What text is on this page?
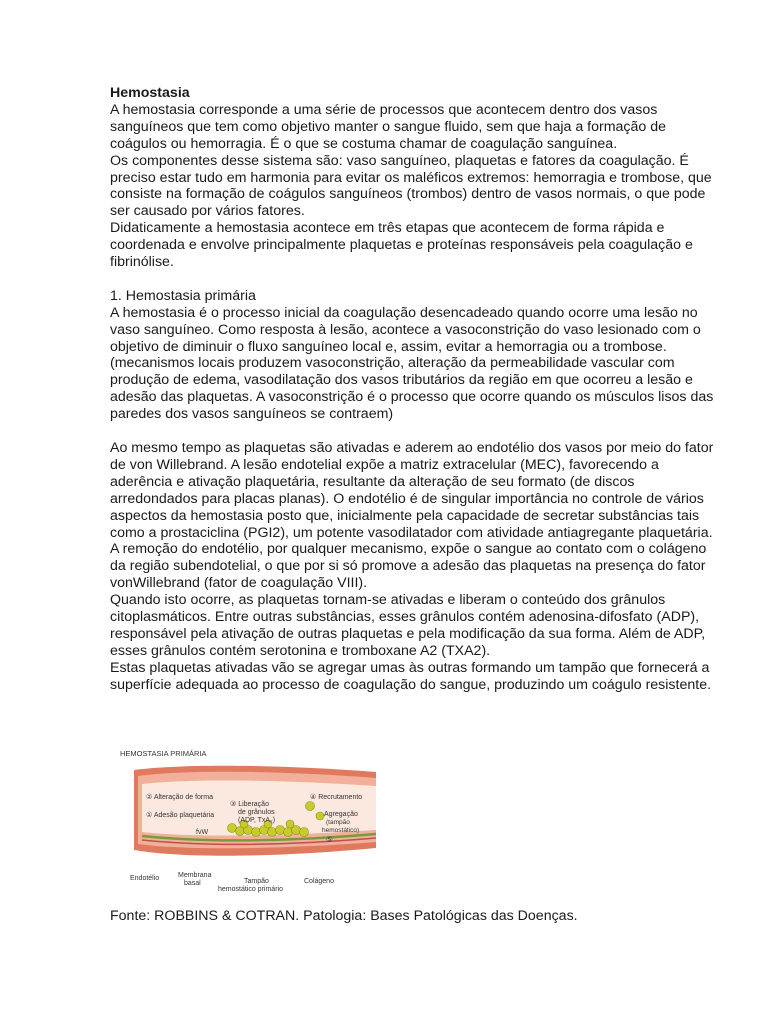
Hemostasia

A hemostasia corresponde a uma série de processos que acontecem dentro dos vasos sanguíneos que tem como objetivo manter o sangue fluido, sem que haja a formação de coágulos ou hemorragia. É o que se costuma chamar de coagulação sanguínea.

Os componentes desse sistema são: vaso sanguíneo, plaquetas e fatores da coagulação. É preciso estar tudo em harmonia para evitar os maléficos extremos: hemorragia e trombose, que consiste na formação de coágulos sanguíneos (trombos) dentro de vasos normais, o que pode ser causado por vários fatores.

Didaticamente a hemostasia acontece em três etapas que acontecem de forma rápida e coordenada e envolve principalmente plaquetas e proteínas responsáveis pela coagulação e fibrinólise.

1. Hemostasia primária

A hemostasia é o processo inicial da coagulação desencadeado quando ocorre uma lesão no vaso sanguíneo. Como resposta à lesão, acontece a vasoconstrição do vaso lesionado com o objetivo de diminuir o fluxo sanguíneo local e, assim, evitar a hemorragia ou a trombose.(mecanismos locais produzem vasoconstrição, alteração da permeabilidade vascular com produção de edema, vasodilatação dos vasos tributários da região em que ocorreu a lesão e adesão das plaquetas. A vasoconstrição é o processo que ocorre quando os músculos lisos das paredes dos vasos sanguíneos se contraem)

Ao mesmo tempo as plaquetas são ativadas e aderem ao endotélio dos vasos por meio do fator de von Willebrand. A lesão endotelial expõe a matriz extracelular (MEC), favorecendo a aderência e ativação plaquetária, resultante da alteração de seu formato (de discos arredondados para placas planas). O endotélio é de singular importância no controle de vários aspectos da hemostasia posto que, inicialmente pela capacidade de secretar substâncias tais como a prostaciclina (PGI2), um potente vasodilatador com atividade antiagregante plaquetária. A remoção do endotélio, por qualquer mecanismo, expõe o sangue ao contato com o colágeno da região subendotelial, o que por si só promove a adesão das plaquetas na presença do fator vonWillebrand (fator de coagulação VIII).

Quando isto ocorre, as plaquetas tornam-se ativadas e liberam o conteúdo dos grânulos citoplasmáticos. Entre outras substâncias, esses grânulos contém adenosina-difosfato (ADP), responsável pela ativação de outras plaquetas e pela modificação da sua forma. Além de ADP, esses grânulos contém serotonina e tromboxane A2 (TXA2).

Estas plaquetas ativadas vão se agregar umas às outras formando um tampão que fornecerá a superfície adequada ao processo de coagulação do sangue, produzindo um coágulo resistente.

HEMOSTASIA PRIMÁRIA
② Alteração de forma
① Adesão plaquetária
③ Liberação
de grânulos
(ADP, TxA₂)
④ Recrutamento
Agregação
(tampão
hemostático)
⑤
fvW
Endotélio	Membrana
basal	Tampão
hemostático primário
Colágeno

Fonte: ROBBINS & COTRAN. Patologia: Bases Patológicas das Doenças.
